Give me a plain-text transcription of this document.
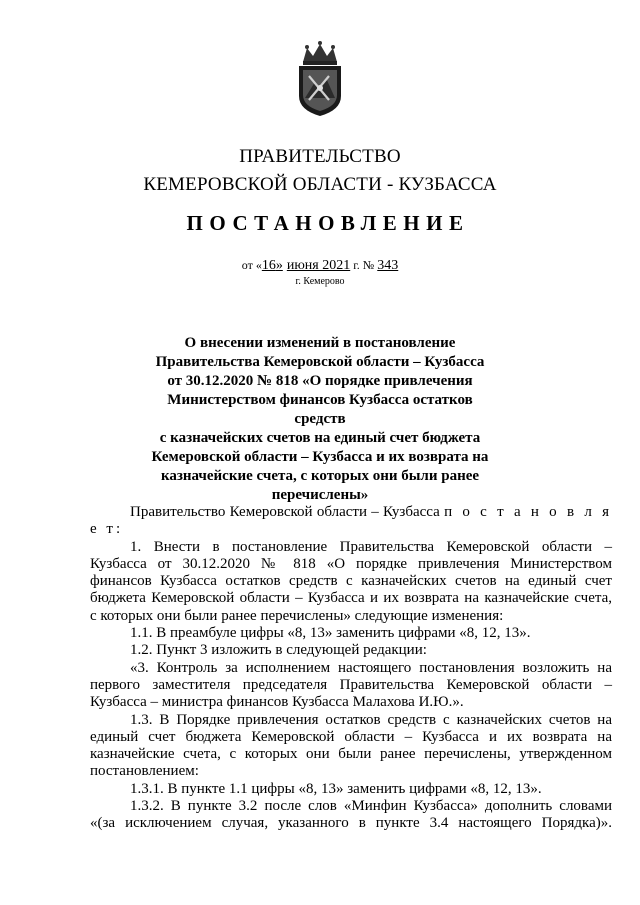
ПРАВИТЕЛЬСТВО
КЕМЕРОВСКОЙ ОБЛАСТИ - КУЗБАССА
ПОСТАНОВЛЕНИЕ
от «16» июня 2021 г. № 343
г. Кемерово
О внесении изменений в постановление
Правительства Кемеровской области – Кузбасса
от 30.12.2020 № 818 «О порядке привлечения
Министерством финансов Кузбасса остатков средств
с казначейских счетов на единый счет бюджета
Кемеровской области – Кузбасса и их возврата на
казначейские счета, с которых они были ранее
перечислены»

Правительство Кемеровской области – Кузбасса п о с т а н о в л я е т:

1. Внести в постановление Правительства Кемеровской области –
Кузбасса от 30.12.2020 № 818 «О порядке привлечения Министерством
финансов Кузбасса остатков средств с казначейских счетов на единый счет
бюджета Кемеровской области – Кузбасса и их возврата на казначейские счета,
с которых они были ранее перечислены» следующие изменения:

1.1. В преамбуле цифры «8, 13» заменить цифрами «8, 12, 13».

1.2. Пункт 3 изложить в следующей редакции:

«3. Контроль за исполнением настоящего постановления возложить на
первого заместителя председателя Правительства Кемеровской области –
Кузбасса – министра финансов Кузбасса Малахова И.Ю.».
1.3. В Порядке привлечения остатков средств с казначейских счетов на
единый счет бюджета Кемеровской области – Кузбасса и их возврата на
казначейские счета, с которых они были ранее перечислены, утвержденном
постановлением:

1.3.1. В пункте 1.1 цифры «8, 13» заменить цифрами «8, 12, 13».

1.3.2. В пункте 3.2 после слов «Минфин Кузбасса» дополнить словами
«(за исключением случая, указанного в пункте 3.4 настоящего Порядка)».
